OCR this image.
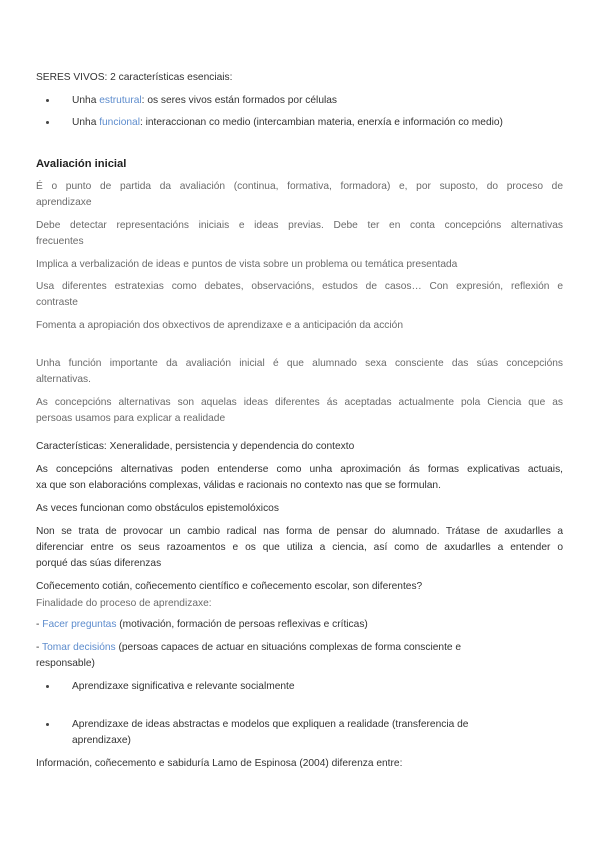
SERES VIVOS: 2 características esenciais:
Unha estrutural: os seres vivos están formados por células
Unha funcional: interaccionan co medio (intercambian materia, enerxía e información co medio)
Avaliación inicial
É o punto de partida da avaliación (continua, formativa, formadora) e, por suposto, do proceso de
aprendizaxe
Debe detectar representacións iniciais e ideas previas. Debe ter en conta concepcións alternativas
frecuentes
Implica a verbalización de ideas e puntos de vista sobre un problema ou temática presentada
Usa diferentes estratexias como debates, observacións, estudos de casos… Con expresión, reflexión e
contraste
Fomenta a apropiación dos obxectivos de aprendizaxe e a anticipación da acción
Unha función importante da avaliación inicial é que alumnado sexa consciente das súas concepcións
alternativas.
As concepcións alternativas son aquelas ideas diferentes ás aceptadas actualmente pola Ciencia que as
persoas usamos para explicar a realidade
Características: Xeneralidade, persistencia y dependencia do contexto
As concepcións alternativas poden entenderse como unha aproximación ás formas explicativas actuais,
xa que son elaboracións complexas, válidas e racionais no contexto nas que se formulan.
As veces funcionan como obstáculos epistemolóxicos
Non se trata de provocar un cambio radical nas forma de pensar do alumnado. Trátase de axudarlles a
diferenciar entre os seus razoamentos e os que utiliza a ciencia, así como de axudarlles a entender o
porqué das súas diferenzas
Coñecemento cotián, coñecemento científico e coñecemento escolar, son diferentes?
Finalidade do proceso de aprendizaxe:
- Facer preguntas (motivación, formación de persoas reflexivas e críticas)
- Tomar decisións (persoas capaces de actuar en situacións complexas de forma consciente e
responsable)
Aprendizaxe significativa e relevante socialmente
Aprendizaxe de ideas abstractas e modelos que expliquen a realidade (transferencia de
aprendizaxe)
Información, coñecemento e sabiduría Lamo de Espinosa (2004) diferenza entre:
